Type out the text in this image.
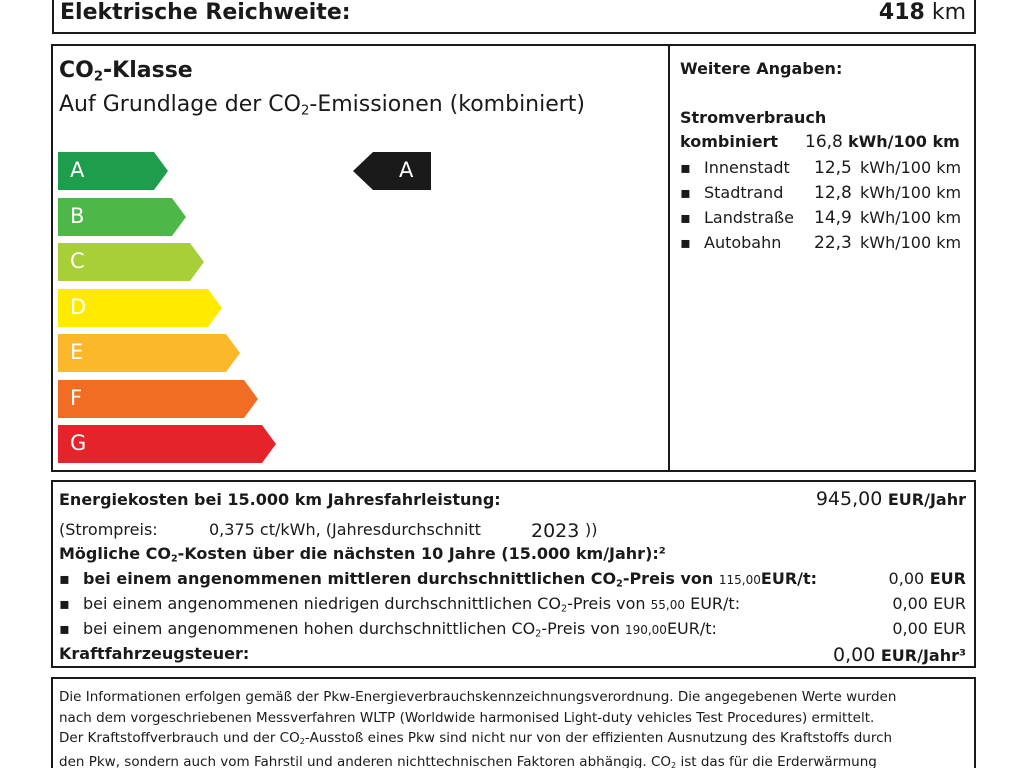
Elektrische Reichweite:	418 km
$CO_2$-Klasse
Auf Grundlage der $CO_2$-Emissionen (kombiniert)
A
B
C
D
E
F
G
A
Weitere Angaben:
Stromverbrauch
kombiniert 16,8 kWh/100 km
▪ Innenstadt 12,5 kWh/100 km
▪ Stadtrand 12,8 kWh/100 km
▪ Landstraße 14,9 kWh/100 km
▪ Autobahn 22,3 kWh/100 km
Energiekosten bei 15.000 km Jahresfahrleistung:	945,00 EUR/Jahr
(Strompreis:	0,375 ct/kWh, (Jahresdurchschnitt	2023 ))
Mögliche $CO_2$-Kosten über die nächsten 10 Jahre (15.000 km/Jahr):²
▪ bei einem angenommenen mittleren durchschnittlichen $CO_2$-Preis von 115,00EUR/t:	0,00 EUR
▪ bei einem angenommenen niedrigen durchschnittlichen $CO_2$-Preis von 55,00 EUR/t:	0,00 EUR
▪ bei einem angenommenen hohen durchschnittlichen $CO_2$-Preis von 190,00EUR/t:	0,00 EUR
Kraftfahrzeugsteuer:	0,00 EUR/Jahr³

Die Informationen erfolgen gemäß der Pkw-Energieverbrauchskennzeichnungsverordnung. Die angegebenen Werte wurden

nach dem vorgeschriebenen Messverfahren WLTP (Worldwide harmonised Light-duty vehicles Test Procedures) ermittelt.

Der Kraftstoffverbrauch und der $CO_2$-Ausstoß eines Pkw sind nicht nur von der effizienten Ausnutzung des Kraftstoffs durch

den Pkw, sondern auch vom Fahrstil und anderen nichttechnischen Faktoren abhängig. $CO_2$ ist das für die Erderwärmung
